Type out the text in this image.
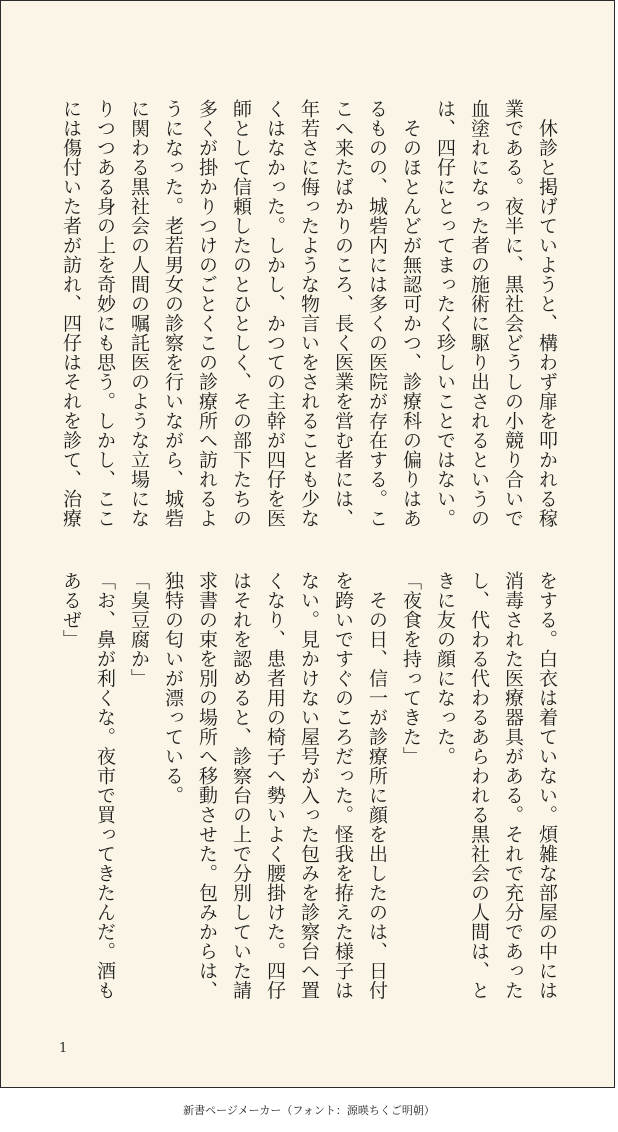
　休診と掲げていようと、構わず扉を叩かれる稼業である。夜半に、黒社会どうしの小競り合いで血塗れになった者の施術に駆り出されるというのは、四仔にとってまったく珍しいことではない。

　そのほとんどが無認可かつ、診療科の偏りはあるものの、城砦内には多くの医院が存在する。ここへ来たばかりのころ、長く医業を営む者には、年若さに侮ったような物言いをされることも少なくはなかった。しかし、かつての主幹が四仔を医師として信頼したのとひとしく、その部下たちの多くが掛かりつけのごとくこの診療所へ訪れるようになった。老若男女の診察を行いながら、城砦に関わる黒社会の人間の嘱託医のような立場になりつつある身の上を奇妙にも思う。しかし、ここには傷付いた者が訪れ、四仔はそれを診て、治療

をする。白衣は着ていない。煩雑な部屋の中には消毒された医療器具がある。それで充分であったし、代わる代わるあらわれる黒社会の人間は、ときに友の顔になった。

「夜食を持ってきた」

　その日、信一が診療所に顔を出したのは、日付を跨いですぐのころだった。怪我を拵えた様子はない。見かけない屋号が入った包みを診察台へ置くなり、患者用の椅子へ勢いよく腰掛けた。四仔はそれを認めると、診察台の上で分別していた請求書の束を別の場所へ移動させた。包みからは、独特の匂いが漂っている。

「臭豆腐か」

「お、鼻が利くな。夜市で買ってきたんだ。酒もあるぜ」

1
新書ページメーカー（フォント：源暎ちくご明朝）
